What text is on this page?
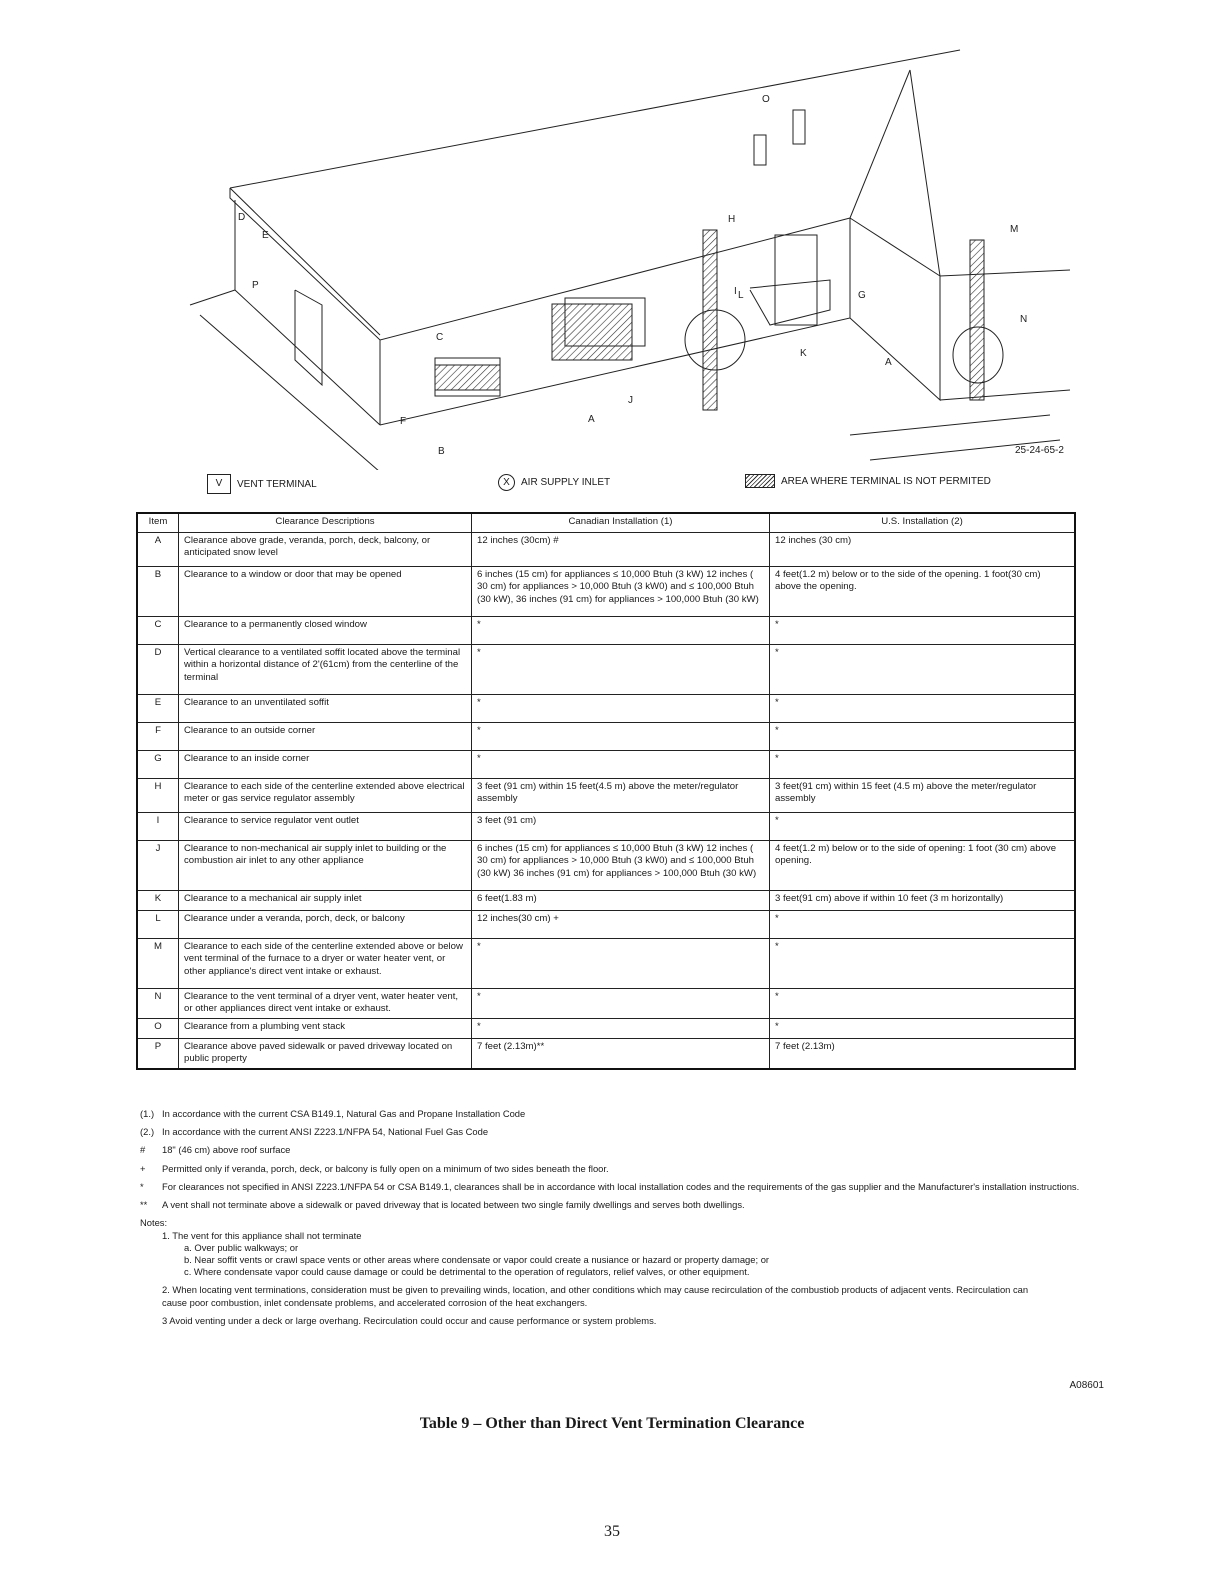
O
H
M
N
G
A
K
L
I
J
A
B
F
C
D
E
P
25-24-65-2
V	VENT TERMINAL	X	AIR SUPPLY INLET	AREA WHERE TERMINAL IS NOT PERMITED
Item	Clearance Descriptions	Canadian Installation (1)	U.S. Installation (2)
A	Clearance above grade, veranda, porch, deck, balcony, or anticipated snow level	12 inches (30cm) #	12 inches (30 cm)
B	Clearance to a window or door that may be opened	6 inches (15 cm) for appliances ≤ 10,000 Btuh (3 kW) 12 inches ( 30 cm) for appliances > 10,000 Btuh (3 kW0) and ≤ 100,000 Btuh (30 kW), 36 inches (91 cm) for appliances > 100,000 Btuh (30 kW)	4 feet(1.2 m) below or to the side of the opening. 1 foot(30 cm) above the opening.
C	Clearance to a permanently closed window	*	*
D	Vertical clearance to a ventilated soffit located above the terminal within a horizontal distance of 2'(61cm) from the centerline of the terminal	*	*
E	Clearance to an unventilated soffit	*	*
F	Clearance to an outside corner	*	*
G	Clearance to an inside corner	*	*
H	Clearance to each side of the centerline extended above electrical meter or gas service regulator assembly	3 feet (91 cm) within 15 feet(4.5 m) above the meter/regulator assembly	3 feet(91 cm) within 15 feet (4.5 m) above the meter/regulator assembly
I	Clearance to service regulator vent outlet	3 feet (91 cm)	*
J	Clearance to non-mechanical air supply inlet to building or the combustion air inlet to any other appliance	6 inches (15 cm) for appliances ≤ 10,000 Btuh (3 kW) 12 inches ( 30 cm) for appliances > 10,000 Btuh (3 kW0) and ≤ 100,000 Btuh (30 kW) 36 inches (91 cm) for appliances > 100,000 Btuh (30 kW)	4 feet(1.2 m) below or to the side of opening: 1 foot (30 cm) above opening.
K	Clearance to a mechanical air supply inlet	6 feet(1.83 m)	3 feet(91 cm) above if within 10 feet (3 m horizontally)
L	Clearance under a veranda, porch, deck, or balcony	12 inches(30 cm) +	*
M	Clearance to each side of the centerline extended above or below vent terminal of the furnace to a dryer or water heater vent, or other appliance's direct vent intake or exhaust.	*	*
N	Clearance to the vent terminal of a dryer vent, water heater vent, or other appliances direct vent intake or exhaust.	*	*
O	Clearance from a plumbing vent stack	*	*
P	Clearance above paved sidewalk or paved driveway located on public property	7 feet (2.13m)**	7 feet (2.13m)
(1.) In accordance with the current CSA B149.1, Natural Gas and Propane Installation Code
(2.) In accordance with the current ANSI Z223.1/NFPA 54, National Fuel Gas Code
#	18" (46 cm) above roof surface
+	Permitted only if veranda, porch, deck, or balcony is fully open on a minimum of two sides beneath the floor.
*	For clearances not specified in ANSI Z223.1/NFPA 54 or CSA B149.1, clearances shall be in accordance with local installation codes and the requirements of the gas supplier and the Manufacturer's installation instructions.
**	A vent shall not terminate above a sidewalk or paved driveway that is located between two single family dwellings and serves both dwellings.
Notes:
1. The vent for this appliance shall not terminate
a. Over public walkways; or
b. Near soffit vents or crawl space vents or other areas where condensate or vapor could create a nusiance or hazard or property damage; or
c. Where condensate vapor could cause damage or could be detrimental to the operation of regulators, relief valves, or other equipment.
2. When locating vent terminations, consideration must be given to prevailing winds, location, and other conditions which may cause recirculation of the combustiob products of adjacent vents. Recirculation can cause poor combustion, inlet condensate problems, and accelerated corrosion of the heat exchangers.
3 Avoid venting under a deck or large overhang. Recirculation could occur and cause performance or system problems.
A08601
Table 9 – Other than Direct Vent Termination Clearance
35
